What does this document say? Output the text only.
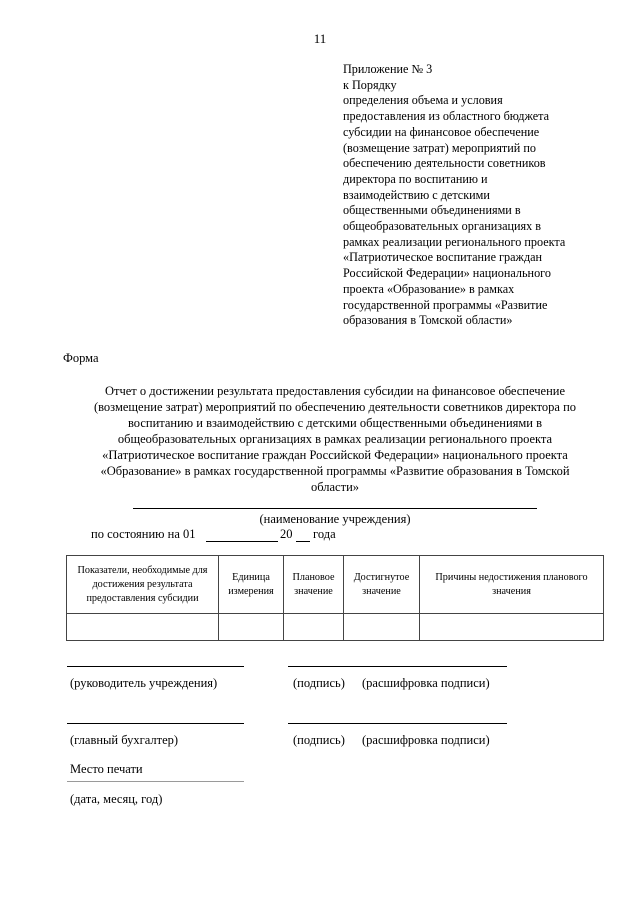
11
Приложение № 3
к Порядку
определения объема и условия
предоставления из областного бюджета
субсидии на финансовое обеспечение
(возмещение затрат) мероприятий по
обеспечению деятельности советников
директора по воспитанию и
взаимодействию с детскими
общественными объединениями в
общеобразовательных организациях в
рамках реализации регионального проекта
«Патриотическое воспитание граждан
Российской Федерации» национального
проекта «Образование» в рамках
государственной программы «Развитие
образования в Томской области»
Форма
Отчет о достижении результата предоставления субсидии на финансовое обеспечение
(возмещение затрат) мероприятий по обеспечению деятельности советников директора по
воспитанию и взаимодействию с детскими общественными объединениями в
общеобразовательных организациях в рамках реализации регионального проекта
«Патриотическое воспитание граждан Российской Федерации» национального проекта
«Образование» в рамках государственной программы «Развитие образования в Томской
области»
(наименование учреждения)
по состоянию на 01	20 года
Показатели, необходимые для достижения результата предоставления субсидии	Единица измерения	Плановое значение	Достигнутое значение	Причины недостижения планового значения

(руководитель учреждения)	(подпись) (расшифровка подписи)
(главный бухгалтер)	(подпись) (расшифровка подписи)
Место печати
(дата, месяц, год)
